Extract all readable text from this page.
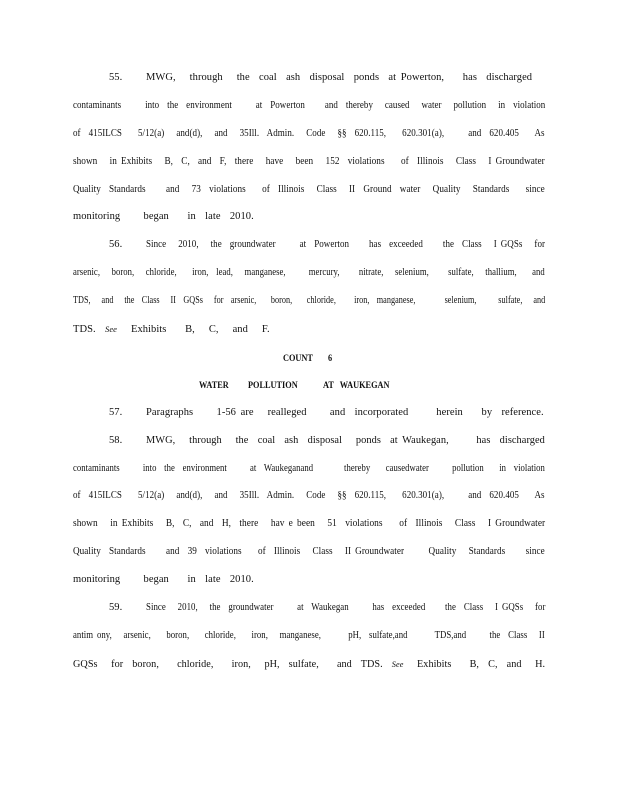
55. MWG,   through   the  coal  ash  disposal  ponds  at Powerton,    has  discharged
contaminants      into  the  environment      at  Powerton     and  thereby   caused   water   pollution   in  violation
of  415ILCS    5/12(a)   and(d),   and   35Ill.  Admin.   Code   §§  620.115,    620.301(a),      and  620.405    As
shown   in Exhibits   B,  C,  and  F,  there   have   been   152  violations    of  Illinois   Class   I Groundwater
Quality  Standards     and   73  violations    of  Illinois   Class   II  Ground  water   Quality   Standards    since
monitoring     began    in  late  2010.
56. Since   2010,   the  groundwater      at  Powerton     has  exceeded     the  Class   I GQSs   for
arsenic,   boron,   chloride,    iron,  lead,   manganese,      mercury,     nitrate,   selenium,     sulfate,   thallium,    and
TDS,   and   the  Class   II  GQSs   for  arsenic,    boron,    chloride,     iron,  manganese,        selenium,      sulfate,   and
TDS.  See   Exhibits    B,   C,   and   F.
COUNT 6
WATER POLLUTION	AT   WAUKEGAN
57. Paragraphs     1-56 are   realleged     and  incorporated      herein    by  reference.
58. MWG,   through   the  coal  ash  disposal   ponds  at Waukegan,      has  discharged
contaminants      into  the  environment      at  Waukeganand        thereby    causedwater      pollution    in  violation
of  415ILCS    5/12(a)   and(d),   and   35Ill.  Admin.   Code   §§  620.115,    620.301(a),      and  620.405    As
shown   in Exhibits   B,  C,  and  H,  there   hav e been   51  violations    of  Illinois   Class   I Groundwater
Quality  Standards     and  39  violations    of  Illinois   Class   II Groundwater      Quality   Standards     since
monitoring     began    in  late  2010.
59. Since   2010,   the  groundwater      at  Waukegan      has  exceeded     the  Class   I GQSs   for
antim ony,   arsenic,    boron,    chloride,    iron,   manganese,       pH,  sulfate,and       TDS,and      the  Class   II
GQSs   for  boron,    chloride,    iron,   pH,  sulfate,    and  TDS.  See   Exhibits    B,  C,  and   H.
